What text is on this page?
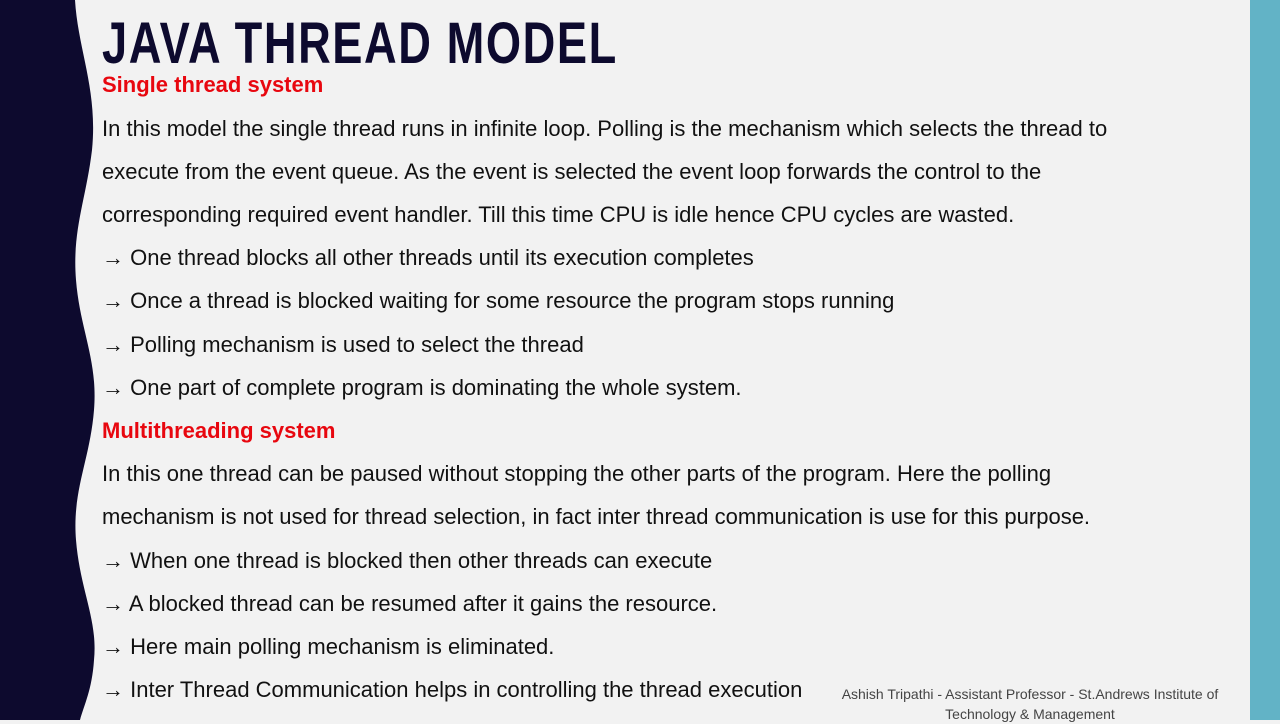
JAVA THREAD MODEL
Single thread system
In this model the single thread runs in infinite loop. Polling is the mechanism which selects the thread to
execute from the event queue. As the event is selected the event loop forwards the control to the
corresponding required event handler. Till this time CPU is idle hence CPU cycles are wasted.
→ One thread blocks all other threads until its execution completes
→ Once a thread is blocked waiting for some resource the program stops running
→ Polling mechanism is used to select the thread
→ One part of complete program is dominating the whole system.
Multithreading system
In this one thread can be paused without stopping the other parts of the program. Here the polling
mechanism is not used for thread selection, in fact inter thread communication is use for this purpose.
→ When one thread is blocked then other threads can execute
→ A blocked thread can be resumed after it gains the resource.
→ Here main polling mechanism is eliminated.
→ Inter Thread Communication helps in controlling the thread execution	Ashish Tripathi - Assistant Professor - St.Andrews Institute of
Technology & Management
